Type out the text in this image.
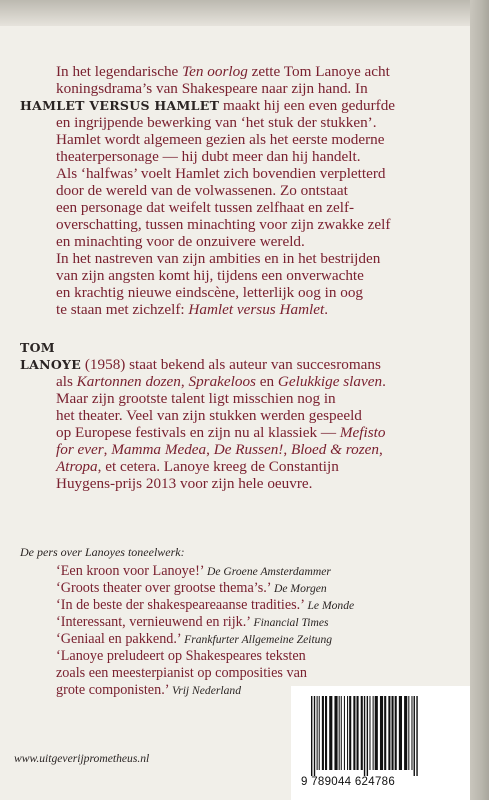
In het legendarische Ten oorlog zette Tom Lanoye acht

koningsdrama’s van Shakespeare naar zijn hand. In

HAMLET VERSUS HAMLET maakt hij een even gedurfde

en ingrijpende bewerking van ‘het stuk der stukken’.

Hamlet wordt algemeen gezien als het eerste moderne

theaterpersonage — hij dubt meer dan hij handelt.

Als ‘halfwas’ voelt Hamlet zich bovendien verpletterd

door de wereld van de volwassenen. Zo ontstaat

een personage dat weifelt tussen zelfhaat en zelf-

overschatting, tussen minachting voor zijn zwakke zelf

en minachting voor de onzuivere wereld.

In het nastreven van zijn ambities en in het bestrijden

van zijn angsten komt hij, tijdens een onverwachte

en krachtig nieuwe eindscène, letterlijk oog in oog

te staan met zichzelf: Hamlet versus Hamlet.

TOM

LANOYE (1958) staat bekend als auteur van succesromans

als Kartonnen dozen, Sprakeloos en Gelukkige slaven.

Maar zijn grootste talent ligt misschien nog in

het theater. Veel van zijn stukken werden gespeeld

op Europese festivals en zijn nu al klassiek — Mefisto

for ever, Mamma Medea, De Russen!, Bloed & rozen,

Atropa, et cetera. Lanoye kreeg de Constantijn

Huygens-prijs 2013 voor zijn hele oeuvre.

De pers over Lanoyes toneelwerk:

‘Een kroon voor Lanoye!’ De Groene Amsterdammer

‘Groots theater over grootse thema’s.’ De Morgen

‘In de beste der shakespeareaanse tradities.’ Le Monde

‘Interessant, vernieuwend en rijk.’ Financial Times

‘Geniaal en pakkend.’ Frankfurter Allgemeine Zeitung

‘Lanoye preludeert op Shakespeares teksten

zoals een meesterpianist op composities van

grote componisten.’ Vrij Nederland

www.uitgeverijprometheus.nl

9 789044 624786
